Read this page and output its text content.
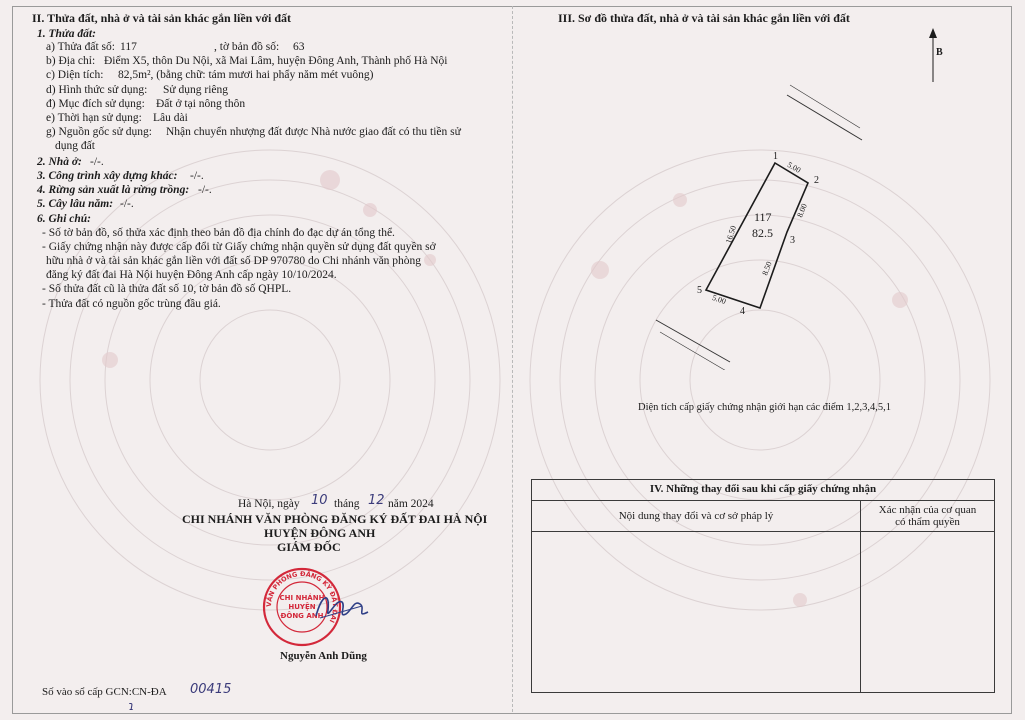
II. Thửa đất, nhà ở và tài sản khác gắn liền với đất
1. Thửa đất:
a) Thửa đất số: 117	, tờ bản đồ số: 63
b) Địa chỉ: Điểm X5, thôn Du Nội, xã Mai Lâm, huyện Đông Anh, Thành phố Hà Nội
c) Diện tích: 82,5m², (bằng chữ: tám mươi hai phẩy năm mét vuông)
d) Hình thức sử dụng: Sử dụng riêng
đ) Mục đích sử dụng: Đất ở tại nông thôn
e) Thời hạn sử dụng: Lâu dài
g) Nguồn gốc sử dụng: Nhận chuyển nhượng đất được Nhà nước giao đất có thu tiền sử
dụng đất
2. Nhà ở: -/-.
3. Công trình xây dựng khác: -/-.
4. Rừng sản xuất là rừng trồng: -/-.
5. Cây lâu năm: -/-.
6. Ghi chú:
- Số tờ bản đồ, số thửa xác định theo bản đồ địa chính đo đạc dự án tổng thể.
- Giấy chứng nhận này được cấp đổi từ Giấy chứng nhận quyền sử dụng đất quyền sở
hữu nhà ở và tài sản khác gắn liền với đất số DP 970780 do Chi nhánh văn phòng
đăng ký đất đai Hà Nội huyện Đông Anh cấp ngày 10/10/2024.
- Số thửa đất cũ là thửa đất số 10, tờ bản đồ số QHPL.
- Thửa đất có nguồn gốc trùng đầu giá.
Hà Nội, ngày 10 tháng 12 năm 2024
CHI NHÁNH VĂN PHÒNG ĐĂNG KÝ ĐẤT ĐAI HÀ NỘI
HUYỆN ĐÔNG ANH
GIÁM ĐỐC
VĂN PHÒNG ĐĂNG KÝ ĐẤT ĐAI
CHI NHÁNH
HUYỆN
ĐÔNG ANH
Nguyễn Anh Dũng
Số vào sổ cấp GCN:CN-ĐA 00415
ɿ
III. Sơ đồ thửa đất, nhà ở và tài sản khác gắn liền với đất
B
1
2
3
4
5
5.00
8.00
8.50
5.00
16.50
117
82.5
Diện tích cấp giấy chứng nhận giới hạn các điểm 1,2,3,4,5,1
IV. Những thay đổi sau khi cấp giấy chứng nhận	
Nội dung thay đổi và cơ sở pháp lý	Xác nhận của cơ quan
có thẩm quyền
